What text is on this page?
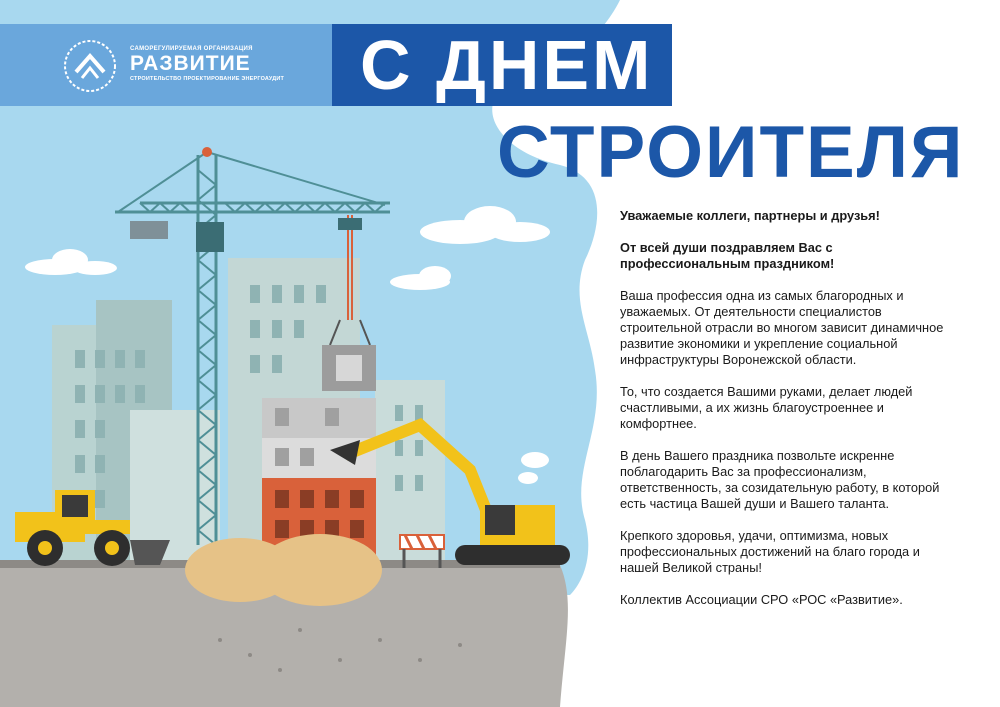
САМОРЕГУЛИРУЕМАЯ ОРГАНИЗАЦИЯ
РАЗВИТИЕ
СТРОИТЕЛЬСТВО ПРОЕКТИРОВАНИЕ ЭНЕРГОАУДИТ С ДНЕМ
СТРОИТЕЛЯ

Уважаемые коллеги, партнеры и друзья!

От всей души поздравляем Вас с профессиональным праздником!

Ваша профессия одна из самых благородных и уважаемых. От деятельности специалистов строительной отрасли во многом зависит динамичное развитие экономики и укрепление социальной инфраструктуры Воронежской области.

То, что создается Вашими руками, делает людей счастливыми, а их жизнь благоустроеннее и комфортнее.

В день Вашего праздника позвольте искренне поблагодарить Вас за профессионализм, ответственность, за созидательную работу, в которой есть частица Вашей души и Вашего таланта.

Крепкого здоровья, удачи, оптимизма, новых профессиональных достижений на благо города и нашей Великой страны!

Коллектив Ассоциации СРО «РОС «Развитие».
